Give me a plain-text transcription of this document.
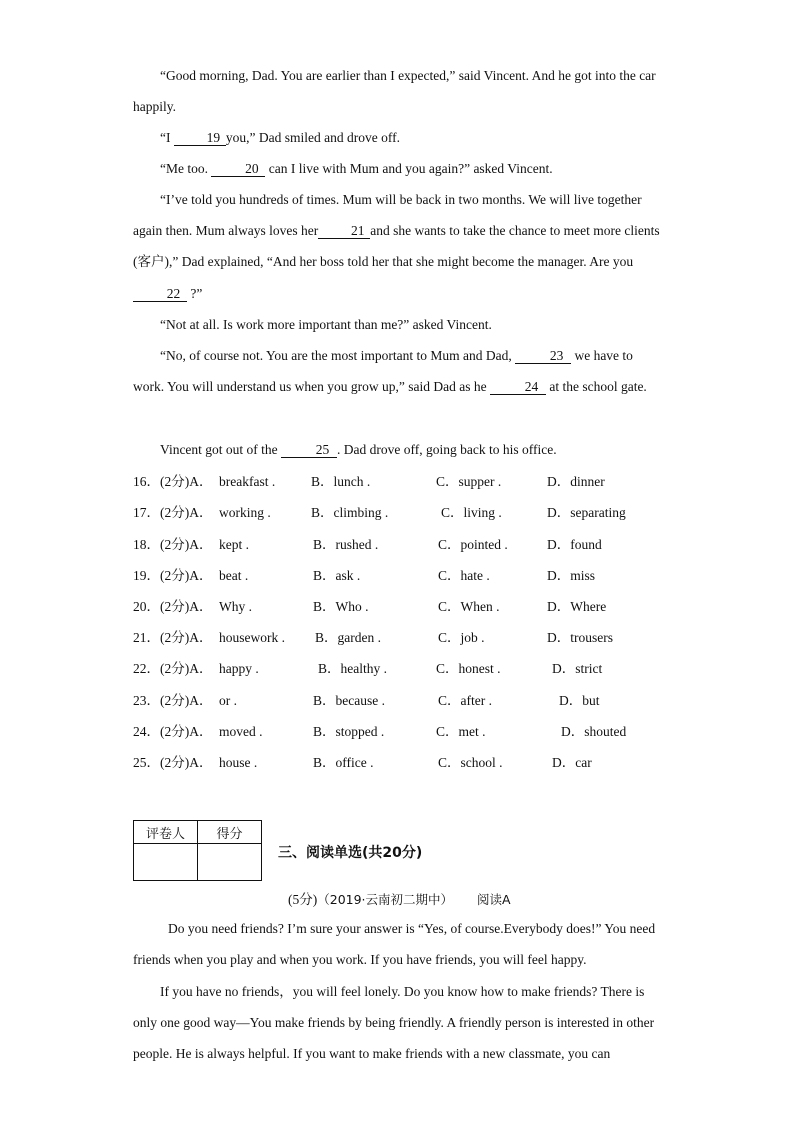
“Good morning, Dad. You are earlier than I expected,” said Vincent. And he got into the car happily.

“I 19 you,” Dad smiled and drove off.

“Me too.	20 can I live with Mum and you again?” asked Vincent.

“I’ve told you hundreds of times. Mum will be back in two months. We will live together again then. Mum always loves her 21 and she wants to take the chance to meet more clients (客户),” Dad explained, “And her boss told her that she might become the manager. Are you22 ?”

“Not at all. Is work more important than me?” asked Vincent.

“No, of course not. You are the most important to Mum and Dad,	23 we have to work. You will understand us when you grow up,” said Dad as he	24 at the school gate.

Vincent got out of the	25 . Dad drove off, going back to his office.

16．(2分)A． breakfast .	B．lunch .	C．supper .	D．dinner
17．(2分)A． working .	B．climbing .	C．living .	D．separating
18．(2分)A． kept .	B．rushed .	C．pointed .	D．found
19．(2分)A． beat .	B．ask .	C．hate .	D．miss
20．(2分)A． Why .	B．Who .	C．When .	D．Where
21．(2分)A． housework . B．garden .	C．job .	D．trousers
22．(2分)A． happy .	B．healthy .	C．honest .	D．strict
23．(2分)A． or .	B．because .	C．after .	D．but
24．(2分)A． moved .	B．stopped .	C．met .	D．shouted
25．(2分)A． house .	B．office .	C．school .	D．car
评卷人	得分

三、阅读单选(共20分)
(5分)（2019·云南初二期中） 阅读A

Do you need friends? I’m sure your answer is “Yes, of course.Everybody does!” You need friends when you play and when you work. If you have friends, you will feel happy.

If you have no friends，you will feel lonely. Do you know how to make friends? There is only one good way—You make friends by being friendly. A friendly person is interested in other people. He is always helpful. If you want to make friends with a new classmate, you can
